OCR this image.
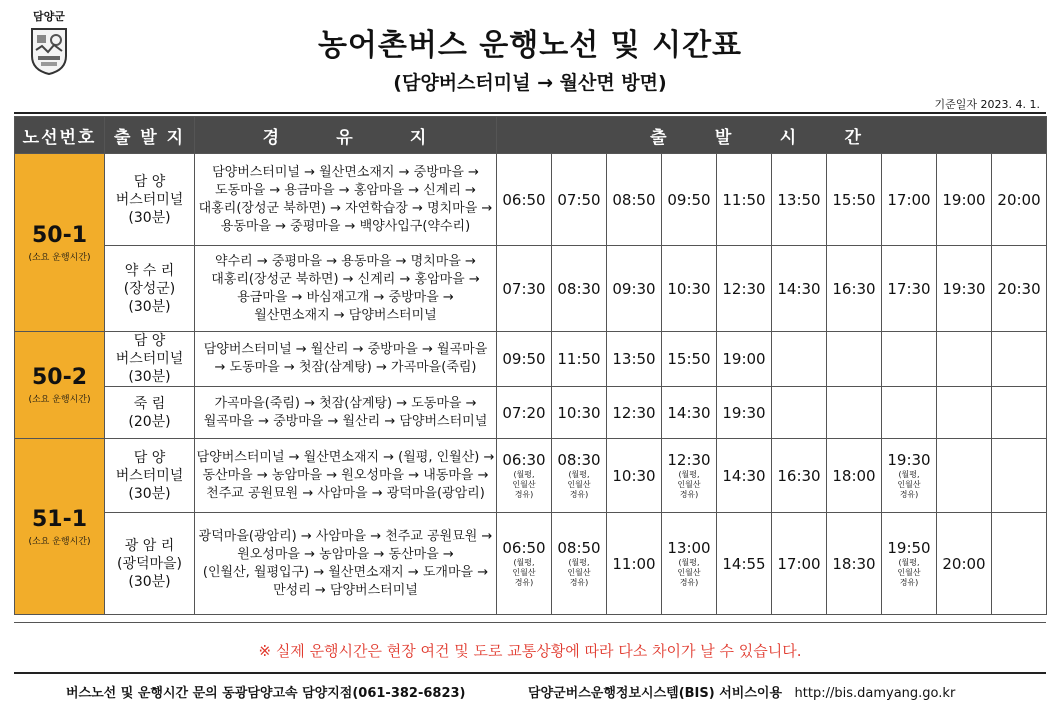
담양군
농어촌버스 운행노선 및 시간표
(담양버스터미널 → 월산면 방면)
기준일자 2023. 4. 1.
노선번호	출 발 지	경 유 지	출 발 시 간									

50-1
(소요 운행시간)	담 양
버스터미널
(30분)	담양버스터미널 → 월산면소재지 → 중방마을 →
도동마을 → 용금마을 → 홍암마을 → 신계리 →
대홍리(장성군 북하면) → 자연학습장 → 명치마을 →
용동마을 → 중평마을 → 백양사입구(약수리)	06:50	07:50	08:50	09:50	11:50	13:50	15:50	17:00	19:00	20:00

	약 수 리
(장성군)
(30분)	약수리 → 중평마을 → 용동마을 → 명치마을 →
대홍리(장성군 북하면) → 신계리 → 홍암마을 →
용금마을 → 바심재고개 → 중방마을 →
월산면소재지 → 담양버스터미널	07:30	08:30	09:30	10:30	12:30	14:30	16:30	17:30	19:30	20:30

50-2
(소요 운행시간)	담 양
버스터미널
(30분)	담양버스터미널 → 월산리 → 중방마을 → 월곡마을
→ 도동마을 → 첫잠(삼계탕) → 가곡마을(죽림)	09:50	11:50	13:50	15:50	19:00					

	죽 림
(20분)	가곡마을(죽림) → 첫잠(삼계탕) → 도동마을 →
월곡마을 → 중방마을 → 월산리 → 담양버스터미널	07:20	10:30	12:30	14:30	19:30					

51-1
(소요 운행시간)	담 양
버스터미널
(30분)	담양버스터미널 → 월산면소재지 → (월평, 인월산) →
동산마을 → 농암마을 → 원오성마을 → 내동마을 →
천주교 공원묘원 → 사암마을 → 광덕마을(광암리)	06:30
(월평,
인월산
경유)	08:30
(월평,
인월산
경유)	10:30	12:30
(월평,
인월산
경유)	14:30	16:30	18:00	19:30
(월평,
인월산
경유)		

	광 암 리
(광덕마을)
(30분)	광덕마을(광암리) → 사암마을 → 천주교 공원묘원 →
원오성마을 → 농암마을 → 동산마을 →
(인월산, 월평입구) → 월산면소재지 → 도개마을 →
만성리 → 담양버스터미널	06:50
(월평,
인월산
경유)	08:50
(월평,
인월산
경유)	11:00	13:00
(월평,
인월산
경유)	14:55	17:00	18:30	19:50
(월평,
인월산
경유)	20:00	

※ 실제 운행시간은 현장 여건 및 도로 교통상황에 따라 다소 차이가 날 수 있습니다.
버스노선 및 운행시간 문의 동광담양고속 담양지점(061-382-6823)	담양군버스운행정보시스템(BIS) 서비스이용 http://bis.damyang.go.kr
